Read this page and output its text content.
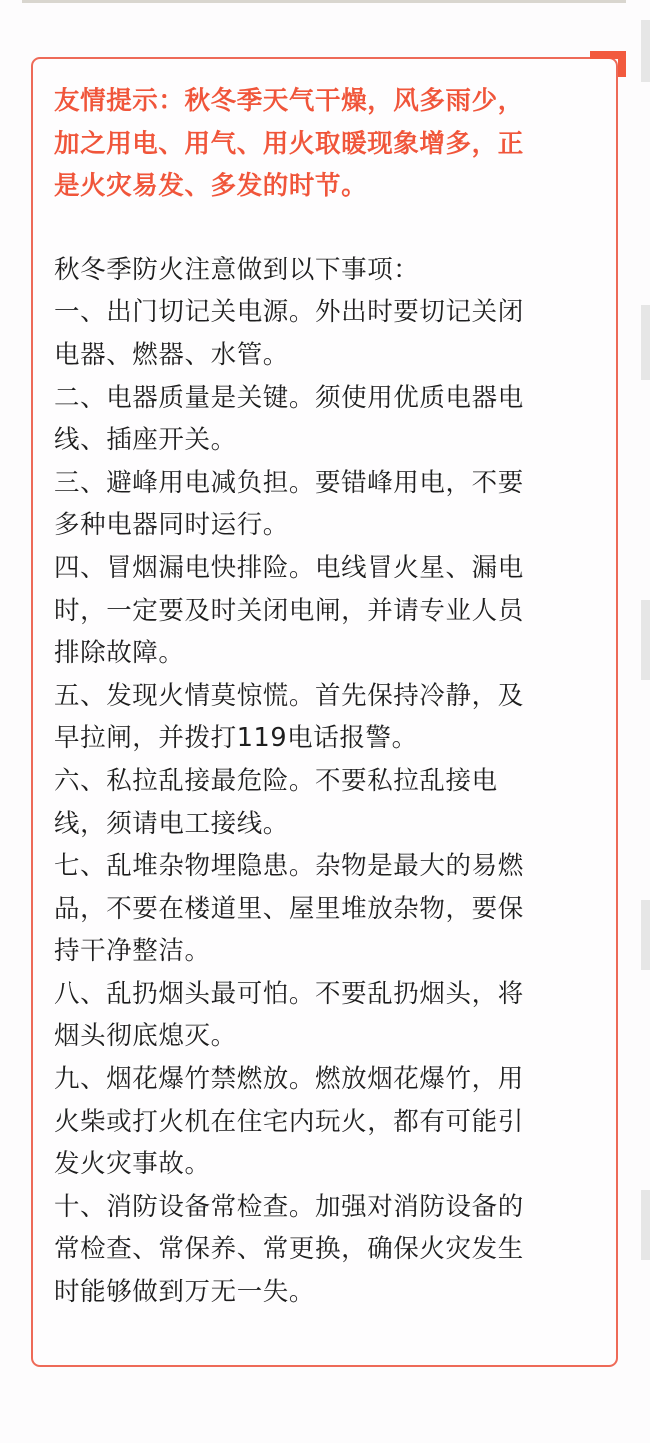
友情提示：秋冬季天气干燥，风多雨少，
加之用电、用气、用火取暖现象增多，正
是火灾易发、多发的时节。
秋冬季防火注意做到以下事项：
一、出门切记关电源。外出时要切记关闭
电器、燃器、水管。
二、电器质量是关键。须使用优质电器电
线、插座开关。
三、避峰用电减负担。要错峰用电，不要
多种电器同时运行。
四、冒烟漏电快排险。电线冒火星、漏电
时，一定要及时关闭电闸，并请专业人员
排除故障。
五、发现火情莫惊慌。首先保持冷静，及
早拉闸，并拨打119电话报警。
六、私拉乱接最危险。不要私拉乱接电
线，须请电工接线。
七、乱堆杂物埋隐患。杂物是最大的易燃
品，不要在楼道里、屋里堆放杂物，要保
持干净整洁。
八、乱扔烟头最可怕。不要乱扔烟头，将
烟头彻底熄灭。
九、烟花爆竹禁燃放。燃放烟花爆竹，用
火柴或打火机在住宅内玩火，都有可能引
发火灾事故。
十、消防设备常检查。加强对消防设备的
常检查、常保养、常更换，确保火灾发生
时能够做到万无一失。
